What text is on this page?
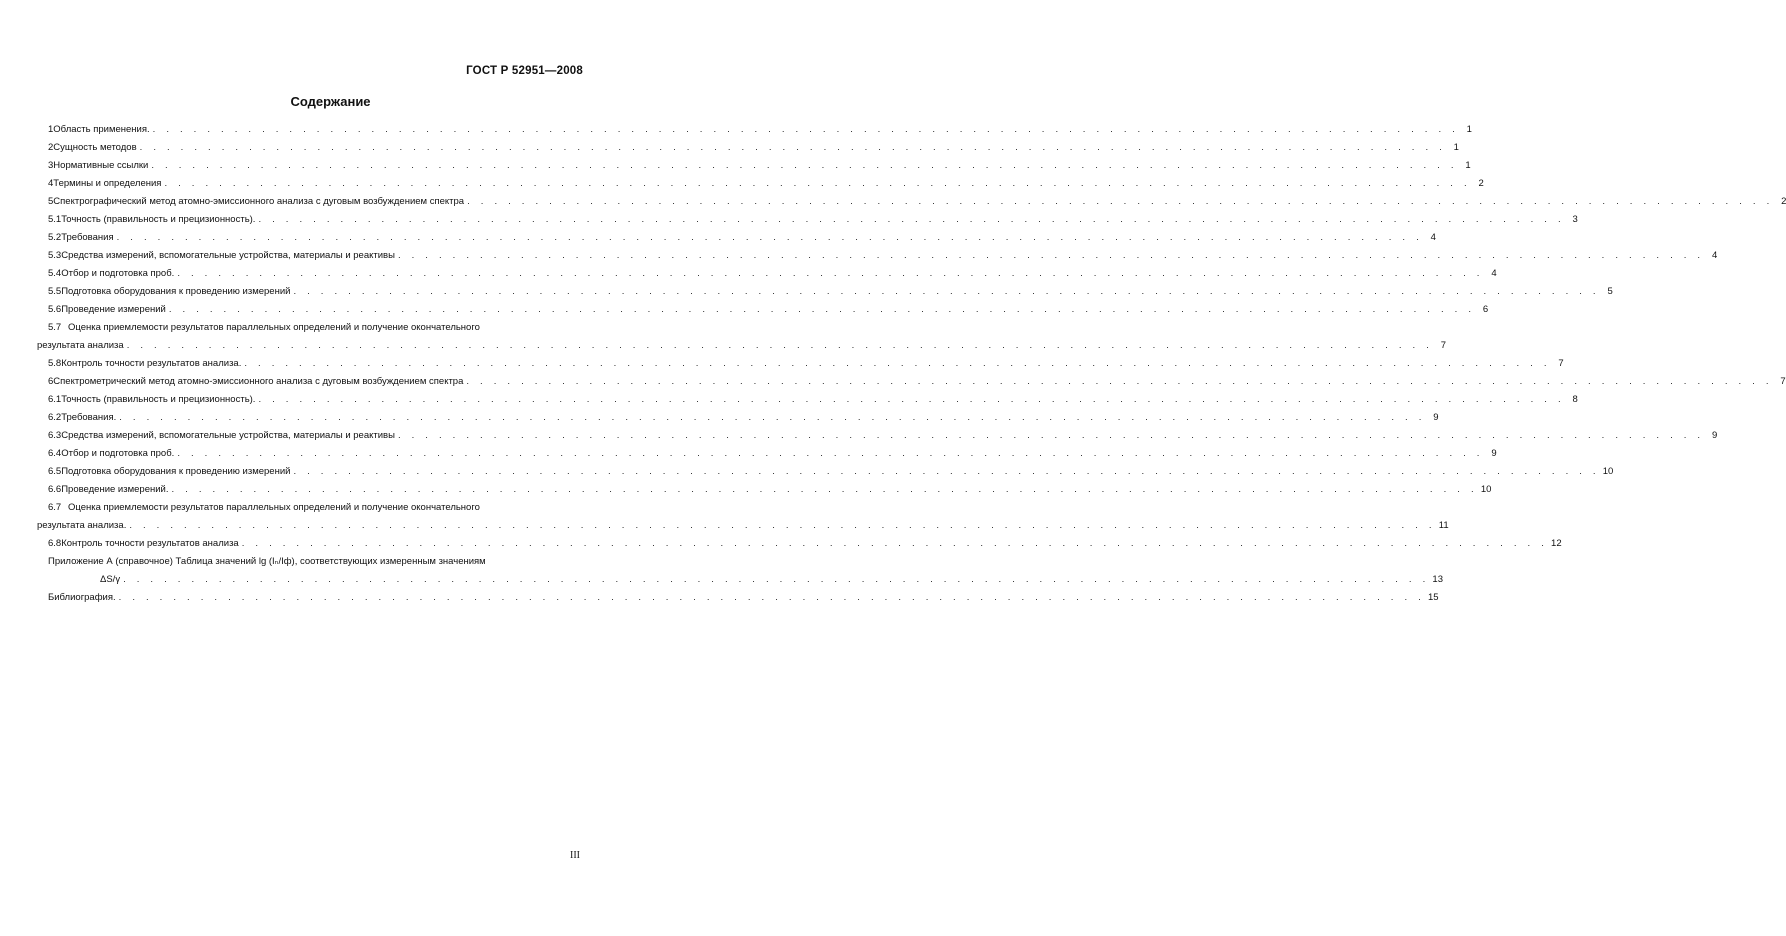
ГОСТ Р 52951—2008
Содержание
1 Область применения. . . . . . . . . . . . . . . . . . . . . . . . . . . . . . . . . . . . . . . . . . . . . . . . . . . . . . . . . . . . . . . . . . . . . . . . . . . . . . . . . . . . . . . . . . . . . . . . . 1
2 Сущность методов . . . . . . . . . . . . . . . . . . . . . . . . . . . . . . . . . . . . . . . . . . . . . . . . . . . . . . . . . . . . . . . . . . . . . . . . . . . . . . . . . . . . . . . . . . . . . . . . 1
3 Нормативные ссылки . . . . . . . . . . . . . . . . . . . . . . . . . . . . . . . . . . . . . . . . . . . . . . . . . . . . . . . . . . . . . . . . . . . . . . . . . . . . . . . . . . . . . . . . . . . . . . . . 1
4 Термины и определения . . . . . . . . . . . . . . . . . . . . . . . . . . . . . . . . . . . . . . . . . . . . . . . . . . . . . . . . . . . . . . . . . . . . . . . . . . . . . . . . . . . . . . . . . . . . . . . . 2
5 Спектрографический метод атомно-эмиссионного анализа с дуговым возбуждением спектра . . . . . . . . . . . . . . . . . . . . . . . . . . . . . . . . . . . . . . . . . . . . . . . . . . . . . . . . . . . . . . . . . . . . . . . . . . . . . . . . . . . . . . . . . . . . . . . . 2
5.1 Точность (правильность и прецизионность). . . . . . . . . . . . . . . . . . . . . . . . . . . . . . . . . . . . . . . . . . . . . . . . . . . . . . . . . . . . . . . . . . . . . . . . . . . . . . . . . . . . . . . . . . . . . . . . . 3
5.2 Требования . . . . . . . . . . . . . . . . . . . . . . . . . . . . . . . . . . . . . . . . . . . . . . . . . . . . . . . . . . . . . . . . . . . . . . . . . . . . . . . . . . . . . . . . . . . . . . . . 4
5.3 Средства измерений, вспомогательные устройства, материалы и реактивы . . . . . . . . . . . . . . . . . . . . . . . . . . . . . . . . . . . . . . . . . . . . . . . . . . . . . . . . . . . . . . . . . . . . . . . . . . . . . . . . . . . . . . . . . . . . . . . . 4
5.4 Отбор и подготовка проб. . . . . . . . . . . . . . . . . . . . . . . . . . . . . . . . . . . . . . . . . . . . . . . . . . . . . . . . . . . . . . . . . . . . . . . . . . . . . . . . . . . . . . . . . . . . . . . . . 4
5.5 Подготовка оборудования к проведению измерений . . . . . . . . . . . . . . . . . . . . . . . . . . . . . . . . . . . . . . . . . . . . . . . . . . . . . . . . . . . . . . . . . . . . . . . . . . . . . . . . . . . . . . . . . . . . . . . . 5
5.6 Проведение измерений . . . . . . . . . . . . . . . . . . . . . . . . . . . . . . . . . . . . . . . . . . . . . . . . . . . . . . . . . . . . . . . . . . . . . . . . . . . . . . . . . . . . . . . . . . . . . . . . 6
5.7 Оценка приемлемости результатов параллельных определений и получение окончательного
результата анализа . . . . . . . . . . . . . . . . . . . . . . . . . . . . . . . . . . . . . . . . . . . . . . . . . . . . . . . . . . . . . . . . . . . . . . . . . . . . . . . . . . . . . . . . . . . . . . . . 7
5.8 Контроль точности результатов анализа. . . . . . . . . . . . . . . . . . . . . . . . . . . . . . . . . . . . . . . . . . . . . . . . . . . . . . . . . . . . . . . . . . . . . . . . . . . . . . . . . . . . . . . . . . . . . . . . . 7
6 Спектрометрический метод атомно-эмиссионного анализа с дуговым возбуждением спектра . . . . . . . . . . . . . . . . . . . . . . . . . . . . . . . . . . . . . . . . . . . . . . . . . . . . . . . . . . . . . . . . . . . . . . . . . . . . . . . . . . . . . . . . . . . . . . . . 7
6.1 Точность (правильность и прецизионность). . . . . . . . . . . . . . . . . . . . . . . . . . . . . . . . . . . . . . . . . . . . . . . . . . . . . . . . . . . . . . . . . . . . . . . . . . . . . . . . . . . . . . . . . . . . . . . . . 8
6.2 Требования. . . . . . . . . . . . . . . . . . . . . . . . . . . . . . . . . . . . . . . . . . . . . . . . . . . . . . . . . . . . . . . . . . . . . . . . . . . . . . . . . . . . . . . . . . . . . . . . . 9
6.3 Средства измерений, вспомогательные устройства, материалы и реактивы . . . . . . . . . . . . . . . . . . . . . . . . . . . . . . . . . . . . . . . . . . . . . . . . . . . . . . . . . . . . . . . . . . . . . . . . . . . . . . . . . . . . . . . . . . . . . . . . 9
6.4 Отбор и подготовка проб. . . . . . . . . . . . . . . . . . . . . . . . . . . . . . . . . . . . . . . . . . . . . . . . . . . . . . . . . . . . . . . . . . . . . . . . . . . . . . . . . . . . . . . . . . . . . . . . . 9
6.5 Подготовка оборудования к проведению измерений . . . . . . . . . . . . . . . . . . . . . . . . . . . . . . . . . . . . . . . . . . . . . . . . . . . . . . . . . . . . . . . . . . . . . . . . . . . . . . . . . . . . . . . . . . . . . . . . 10
6.6 Проведение измерений. . . . . . . . . . . . . . . . . . . . . . . . . . . . . . . . . . . . . . . . . . . . . . . . . . . . . . . . . . . . . . . . . . . . . . . . . . . . . . . . . . . . . . . . . . . . . . . . . 10
6.7 Оценка приемлемости результатов параллельных определений и получение окончательного
результата анализа. . . . . . . . . . . . . . . . . . . . . . . . . . . . . . . . . . . . . . . . . . . . . . . . . . . . . . . . . . . . . . . . . . . . . . . . . . . . . . . . . . . . . . . . . . . . . . . . . 11
6.8 Контроль точности результатов анализа . . . . . . . . . . . . . . . . . . . . . . . . . . . . . . . . . . . . . . . . . . . . . . . . . . . . . . . . . . . . . . . . . . . . . . . . . . . . . . . . . . . . . . . . . . . . . . . . 12
Приложение А (справочное) Таблица значений lg (Iₙ/Iф), соответствующих измеренным значениям
ΔS/γ . . . . . . . . . . . . . . . . . . . . . . . . . . . . . . . . . . . . . . . . . . . . . . . . . . . . . . . . . . . . . . . . . . . . . . . . . . . . . . . . . . . . . . . . . . . . . . . . 13
Библиография. . . . . . . . . . . . . . . . . . . . . . . . . . . . . . . . . . . . . . . . . . . . . . . . . . . . . . . . . . . . . . . . . . . . . . . . . . . . . . . . . . . . . . . . . . . . . . . . . 15
III
